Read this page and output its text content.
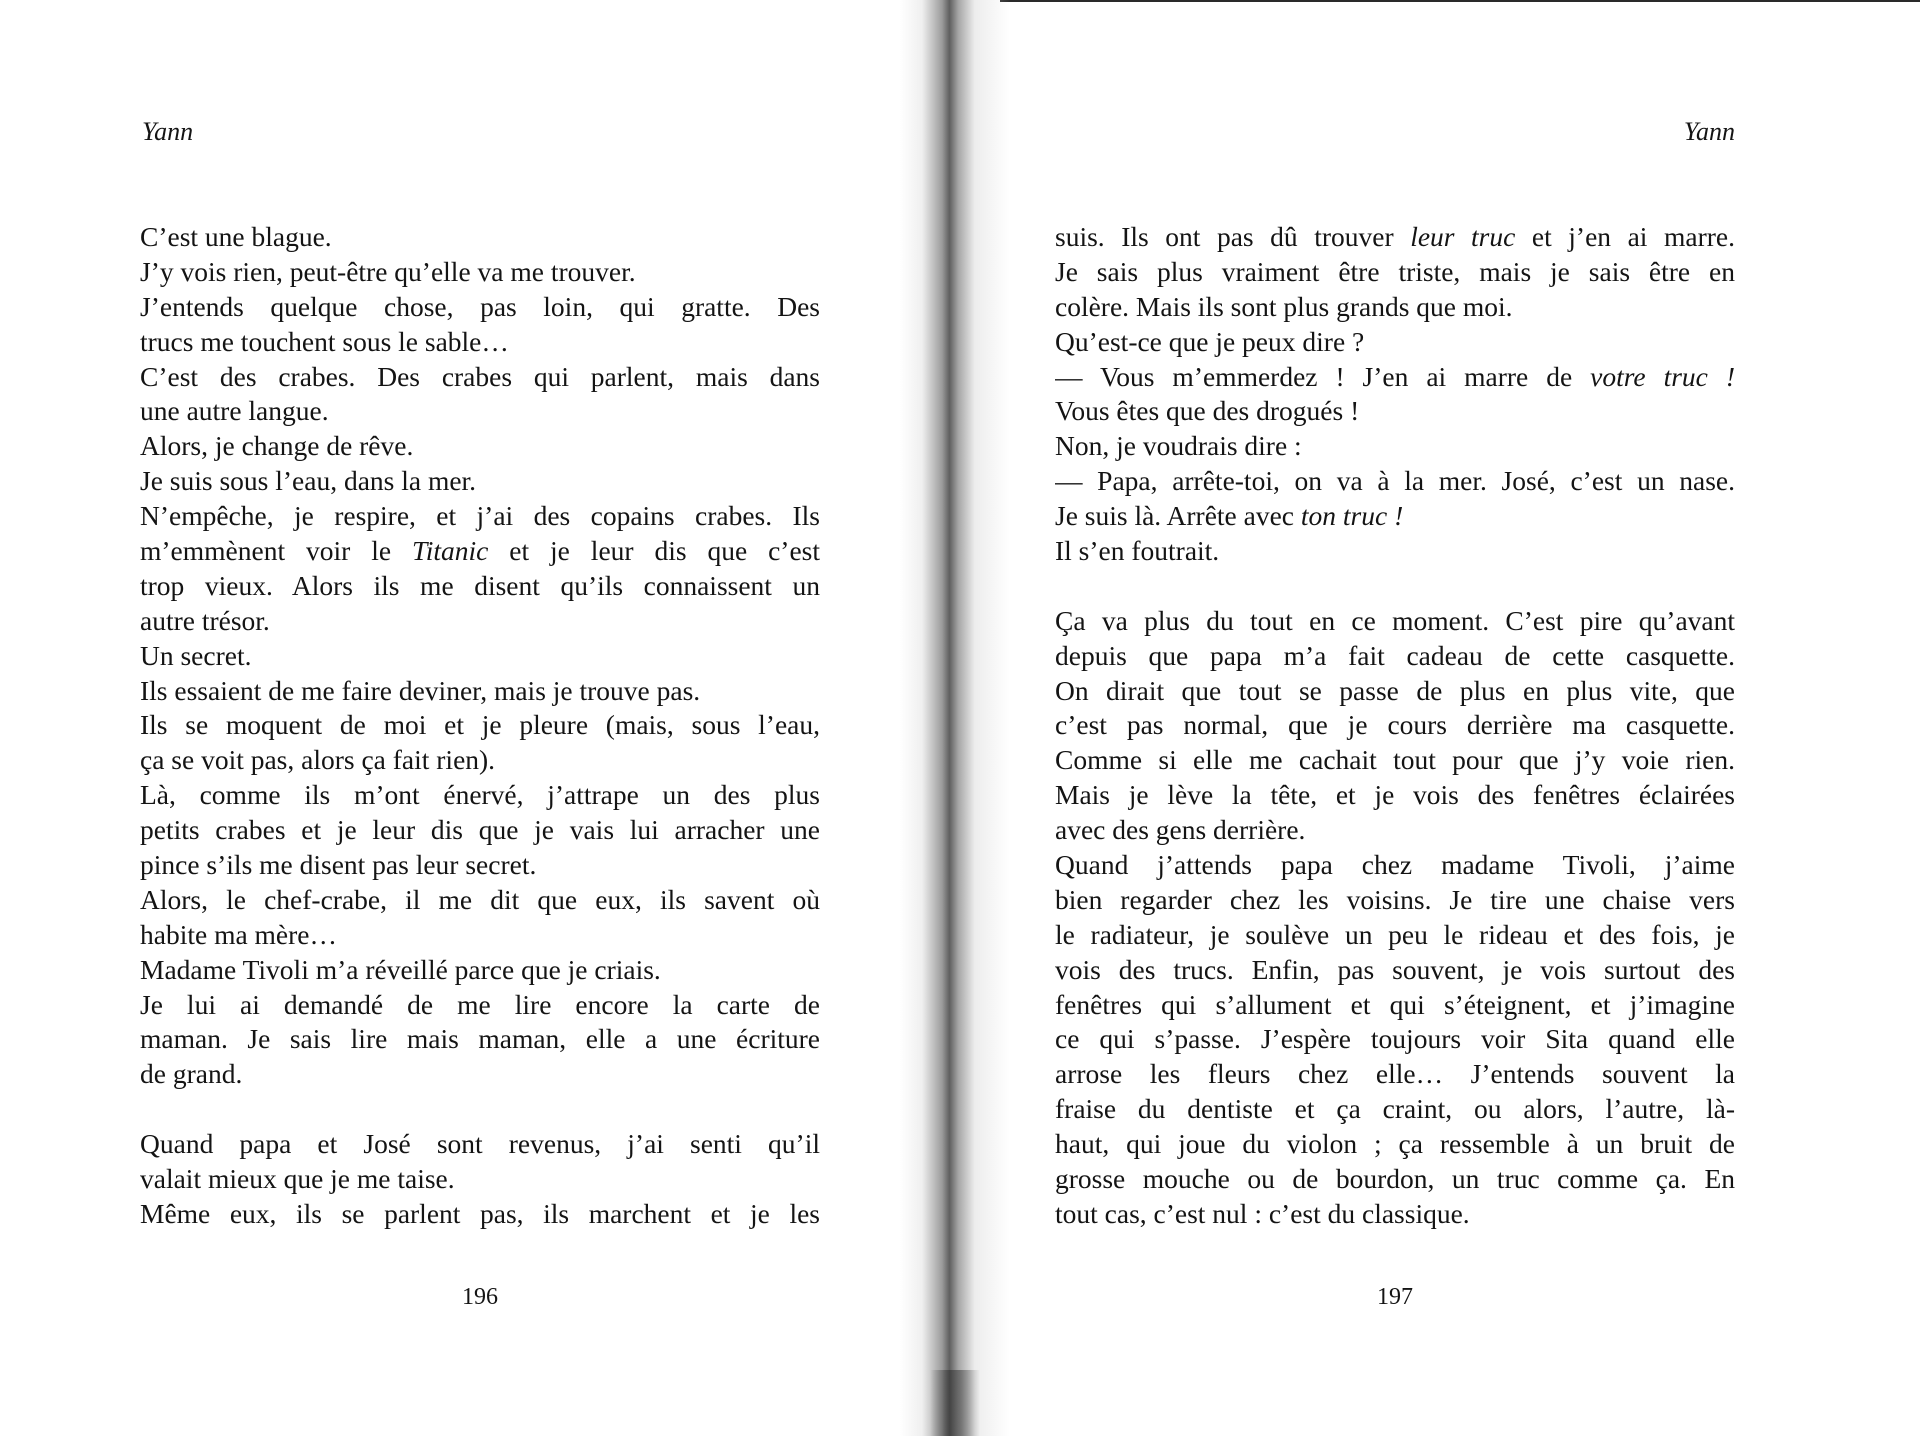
Yann
C’est une blague.
J’y vois rien, peut-être qu’elle va me trouver.
J’entends quelque chose, pas loin, qui gratte. Des
trucs me touchent sous le sable…
C’est des crabes. Des crabes qui parlent, mais dans
une autre langue.
Alors, je change de rêve.
Je suis sous l’eau, dans la mer.
N’empêche, je respire, et j’ai des copains crabes. Ils
m’emmènent voir le Titanic et je leur dis que c’est
trop vieux. Alors ils me disent qu’ils connaissent un
autre trésor.
Un secret.
Ils essaient de me faire deviner, mais je trouve pas.
Ils se moquent de moi et je pleure (mais, sous l’eau,
ça se voit pas, alors ça fait rien).
Là, comme ils m’ont énervé, j’attrape un des plus
petits crabes et je leur dis que je vais lui arracher une
pince s’ils me disent pas leur secret.
Alors, le chef-crabe, il me dit que eux, ils savent où
habite ma mère…
Madame Tivoli m’a réveillé parce que je criais.
Je lui ai demandé de me lire encore la carte de
maman. Je sais lire mais maman, elle a une écriture
de grand.
Quand papa et José sont revenus, j’ai senti qu’il
valait mieux que je me taise.
Même eux, ils se parlent pas, ils marchent et je les
196
Yann
suis. Ils ont pas dû trouver leur truc et j’en ai marre.
Je sais plus vraiment être triste, mais je sais être en
colère. Mais ils sont plus grands que moi.
Qu’est-ce que je peux dire ?
— Vous m’emmerdez ! J’en ai marre de votre truc !
Vous êtes que des drogués !
Non, je voudrais dire :
— Papa, arrête-toi, on va à la mer. José, c’est un nase.
Je suis là. Arrête avec ton truc !
Il s’en foutrait.
Ça va plus du tout en ce moment. C’est pire qu’avant
depuis que papa m’a fait cadeau de cette casquette.
On dirait que tout se passe de plus en plus vite, que
c’est pas normal, que je cours derrière ma casquette.
Comme si elle me cachait tout pour que j’y voie rien.
Mais je lève la tête, et je vois des fenêtres éclairées
avec des gens derrière.
Quand j’attends papa chez madame Tivoli, j’aime
bien regarder chez les voisins. Je tire une chaise vers
le radiateur, je soulève un peu le rideau et des fois, je
vois des trucs. Enfin, pas souvent, je vois surtout des
fenêtres qui s’allument et qui s’éteignent, et j’imagine
ce qui s’passe. J’espère toujours voir Sita quand elle
arrose les fleurs chez elle… J’entends souvent la
fraise du dentiste et ça craint, ou alors, l’autre, là-
haut, qui joue du violon ; ça ressemble à un bruit de
grosse mouche ou de bourdon, un truc comme ça. En
tout cas, c’est nul : c’est du classique.
197
